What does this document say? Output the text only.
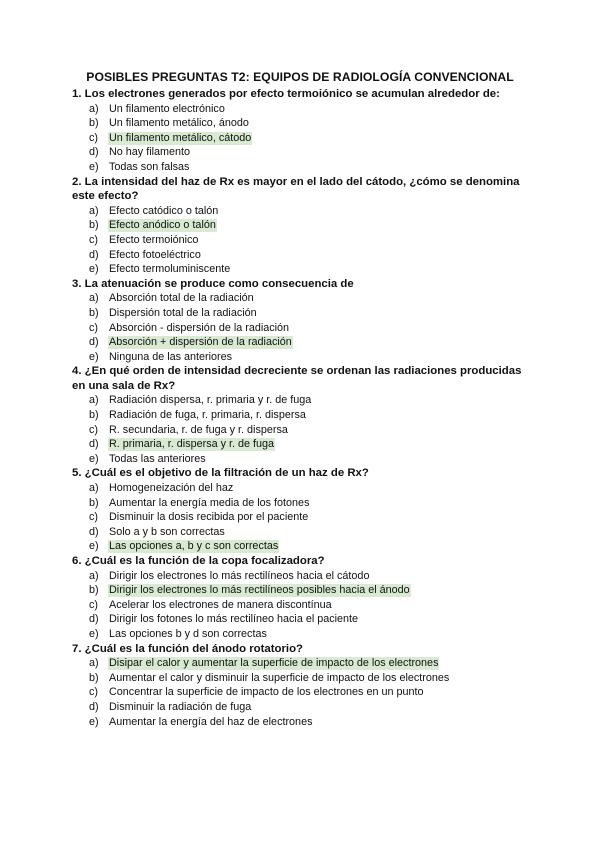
POSIBLES PREGUNTAS T2: EQUIPOS DE RADIOLOGÍA CONVENCIONAL

1. Los electrones generados por efecto termoiónico se acumulan alrededor de:

a) Un filamento electrónico
b) Un filamento metálico, ánodo
c) Un filamento metálico, cátodo
d) No hay filamento
e) Todas son falsas

2. La intensidad del haz de Rx es mayor en el lado del cátodo, ¿cómo se denomina este efecto?

a) Efecto catódico o talón
b) Efecto anódico o talón
c) Efecto termoiónico
d) Efecto fotoeléctrico
e) Efecto termoluminiscente

3. La atenuación se produce como consecuencia de

a) Absorción total de la radiación
b) Dispersión total de la radiación
c) Absorción - dispersión de la radiación
d) Absorción + dispersión de la radiación
e) Ninguna de las anteriores

4. ¿En qué orden de intensidad decreciente se ordenan las radiaciones producidas en una sala de Rx?

a) Radiación dispersa, r. primaria y r. de fuga
b) Radiación de fuga, r. primaria, r. dispersa
c) R. secundaria, r. de fuga y r. dispersa
d) R. primaria, r. dispersa y r. de fuga
e) Todas las anteriores

5. ¿Cuál es el objetivo de la filtración de un haz de Rx?

a) Homogeneización del haz
b) Aumentar la energía media de los fotones
c) Disminuir la dosis recibida por el paciente
d) Solo a y b son correctas
e) Las opciones a, b y c son correctas

6. ¿Cuál es la función de la copa focalizadora?

a) Dirigir los electrones lo más rectilíneos hacia el cátodo
b) Dirigir los electrones lo más rectilíneos posibles hacia el ánodo
c) Acelerar los electrones de manera discontínua
d) Dirigir los fotones lo más rectilíneo hacia el paciente
e) Las opciones b y d son correctas

7. ¿Cuál es la función del ánodo rotatorio?

a) Disipar el calor y aumentar la superficie de impacto de los electrones
b) Aumentar el calor y disminuir la superficie de impacto de los electrones
c) Concentrar la superficie de impacto de los electrones en un punto
d) Disminuir la radiación de fuga
e) Aumentar la energía del haz de electrones
